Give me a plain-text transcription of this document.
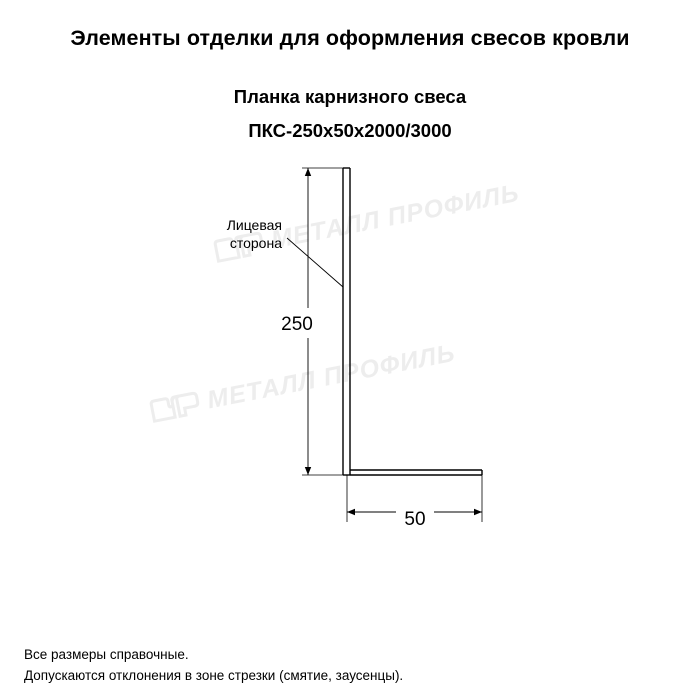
Элементы отделки для оформления свесов кровли
Планка карнизного свеса
ПКС-250х50х2000/3000
МЕТАЛЛ ПРОФИЛЬ
МЕТАЛЛ ПРОФИЛЬ
250
50
Лицевая
сторона
Все размеры справочные.
Допускаются отклонения в зоне стрезки (смятие, заусенцы).
